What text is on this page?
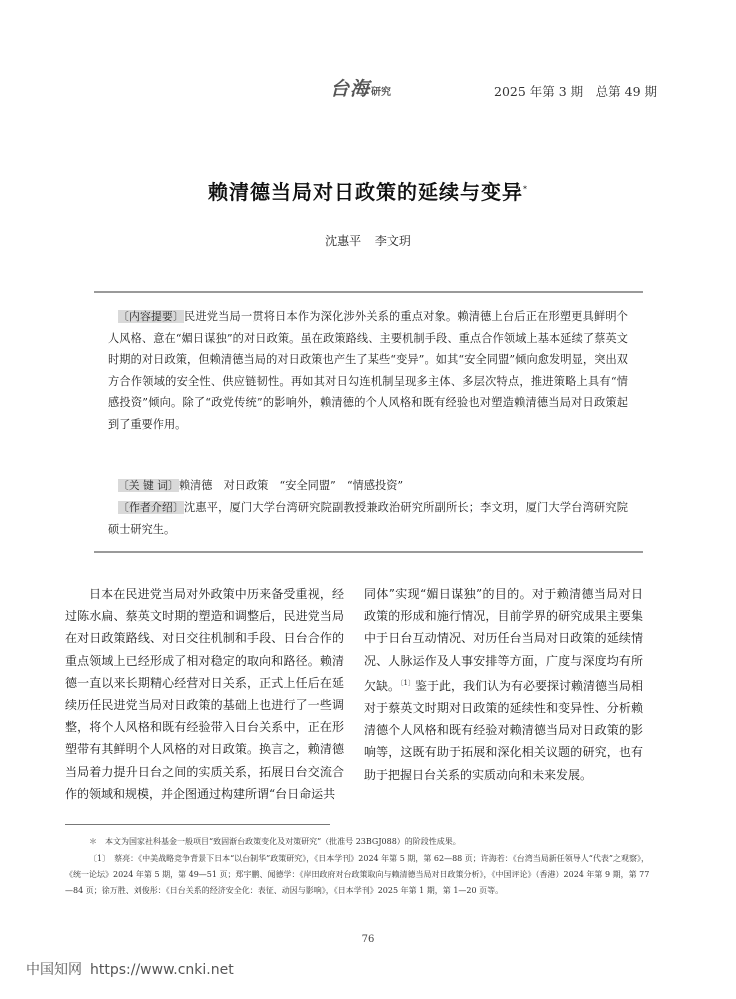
台海研究	2025 年第 3 期　总第 49 期
赖清德当局对日政策的延续与变异*
沈惠平 李文玥

〔内容提要〕民进党当局一贯将日本作为深化涉外关系的重点对象。赖清德上台后正在形塑更具鲜明个人风格、意在“媚日谋独”的对日政策。虽在政策路线、主要机制手段、重点合作领域上基本延续了蔡英文时期的对日政策，但赖清德当局的对日政策也产生了某些“变异”。如其“安全同盟”倾向愈发明显，突出双方合作领域的安全性、供应链韧性。再如其对日勾连机制呈现多主体、多层次特点，推进策略上具有“情感投资”倾向。除了“政党传统”的影响外，赖清德的个人风格和既有经验也对塑造赖清德当局对日政策起到了重要作用。

〔关 键 词〕赖清德　对日政策　“安全同盟”　“情感投资”

〔作者介绍〕沈惠平，厦门大学台湾研究院副教授兼政治研究所副所长；李文玥，厦门大学台湾研究院硕士研究生。

日本在民进党当局对外政策中历来备受重视，经过陈水扁、蔡英文时期的塑造和调整后，民进党当局在对日政策路线、对日交往机制和手段、日台合作的重点领域上已经形成了相对稳定的取向和路径。赖清德一直以来长期精心经营对日关系，正式上任后在延续历任民进党当局对日政策的基础上也进行了一些调整，将个人风格和既有经验带入日台关系中，正在形塑带有其鲜明个人风格的对日政策。换言之，赖清德当局着力提升日台之间的实质关系，拓展日台交流合作的领域和规模，并企图通过构建所谓“台日命运共

同体”实现“媚日谋独”的目的。对于赖清德当局对日政策的形成和施行情况，目前学界的研究成果主要集中于日台互动情况、对历任台当局对日政策的延续情况、人脉运作及人事安排等方面，广度与深度均有所欠缺。$^{〔1〕}$鉴于此，我们认为有必要探讨赖清德当局相对于蔡英文时期对日政策的延续性和变异性、分析赖清德个人风格和既有经验对赖清德当局对日政策的影响等，这既有助于拓展和深化相关议题的研究，也有助于把握日台关系的实质动向和未来发展。

＊　本文为国家社科基金一般项目“致固渐台政策变化及对策研究”（批准号 23BGJ088）的阶段性成果。

〔1〕　蔡亮：《中美战略竞争背景下日本“以台制华”政策研究》，《日本学刊》2024 年第 5 期，第 62—88 页；许海若：《台湾当局新任领导人“代表”之观察》，《统一论坛》2024 年第 5 期，第 49—51 页；郑宇鹏、闻德学：《岸田政府对台政策取向与赖清德当局对日政策分析》，《中国评论》（香港）2024 年第 9 期，第 77—84 页；徐万胜、刘俊彤：《日台关系的经济安全化：表征、动因与影响》，《日本学刊》2025 年第 1 期，第 1—20 页等。

76
中国知网 https://www.cnki.net
